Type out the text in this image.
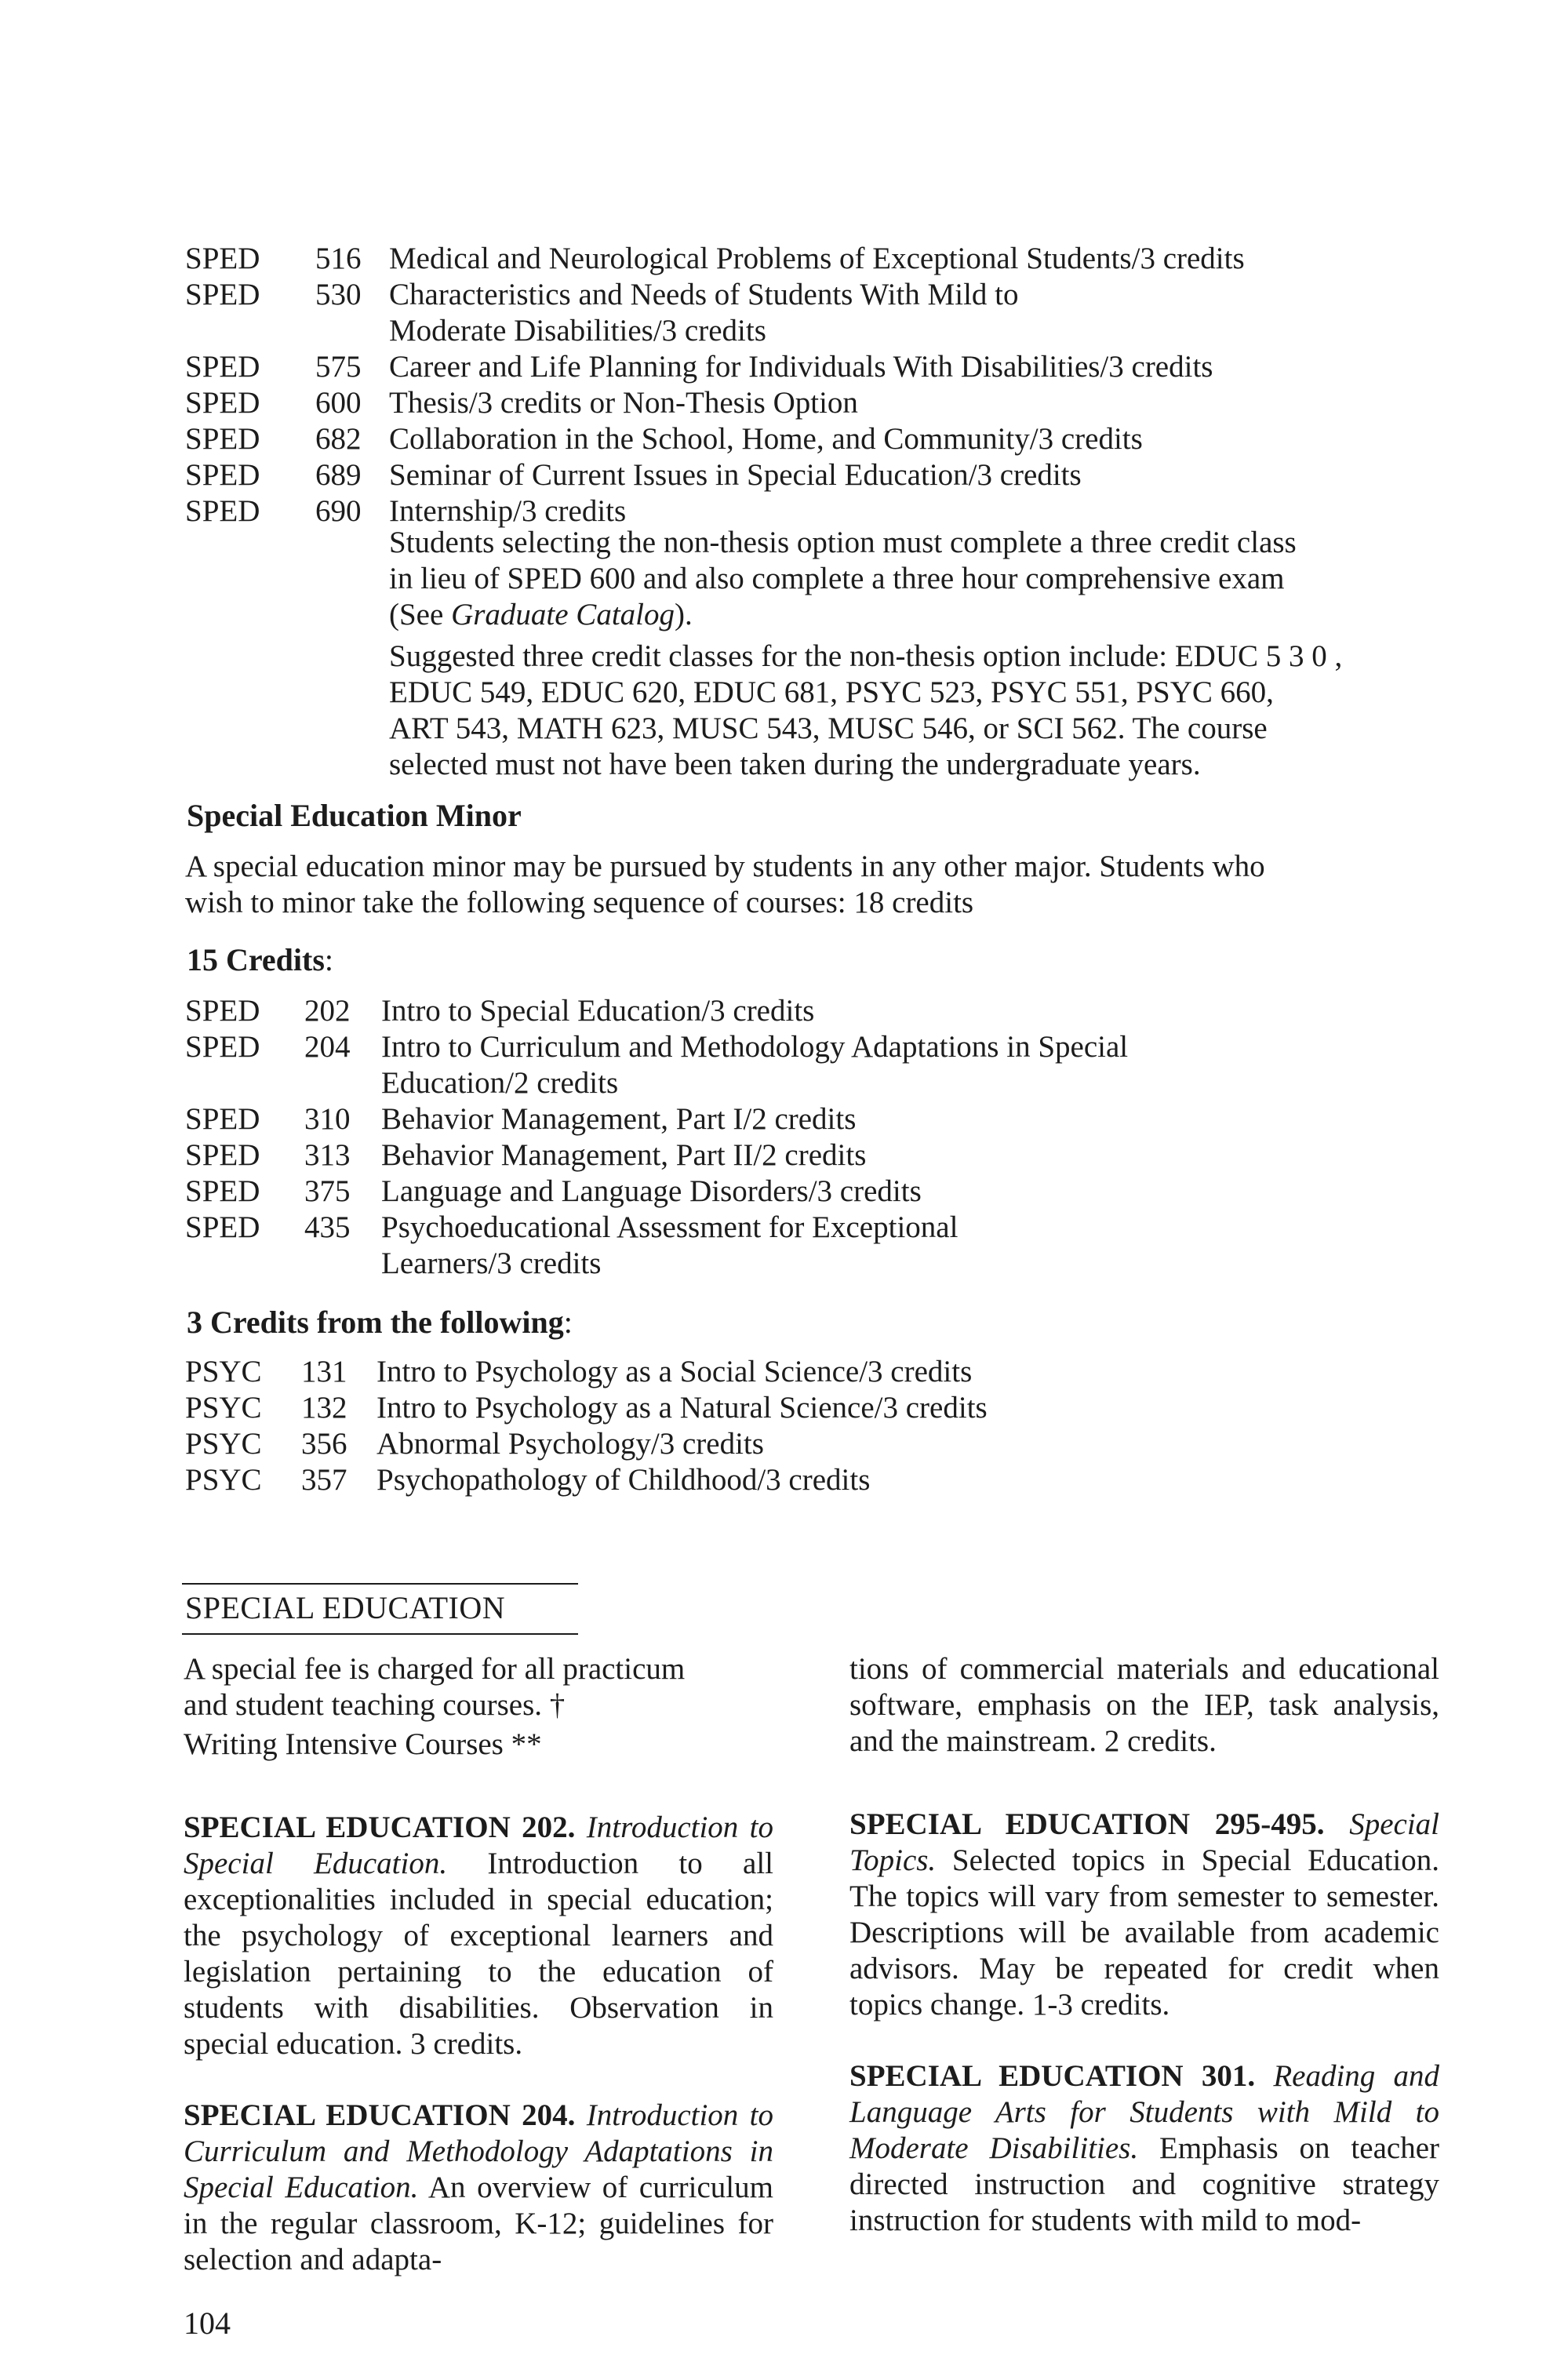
SPED 516 Medical and Neurological Problems of Exceptional Students/3 credits
SPED 530 Characteristics and Needs of Students With Mild to
Moderate Disabilities/3 credits
SPED 575 Career and Life Planning for Individuals With Disabilities/3 credits
SPED 600 Thesis/3 credits or Non-Thesis Option
SPED 682 Collaboration in the School, Home, and Community/3 credits
SPED 689 Seminar of Current Issues in Special Education/3 credits
SPED 690 Internship/3 credits

Students selecting the non-thesis option must complete a three credit class

in lieu of SPED 600 and also complete a three hour comprehensive exam

(See Graduate Catalog).

Suggested three credit classes for the non-thesis option include: EDUC 5 3 0 ,

EDUC 549, EDUC 620, EDUC 681, PSYC 523, PSYC 551, PSYC 660,

ART 543, MATH 623, MUSC 543, MUSC 546, or SCI 562. The course

selected must not have been taken during the undergraduate years.

Special Education Minor

A special education minor may be pursued by students in any other major. Students who

wish to minor take the following sequence of courses: 18 credits

15 Credits:
SPED 202 Intro to Special Education/3 credits
SPED 204 Intro to Curriculum and Methodology Adaptations in Special
Education/2 credits
SPED 310 Behavior Management, Part I/2 credits
SPED 313 Behavior Management, Part II/2 credits
SPED 375 Language and Language Disorders/3 credits
SPED 435 Psychoeducational Assessment for Exceptional
Learners/3 credits
3 Credits from the following:
PSYC 131 Intro to Psychology as a Social Science/3 credits
PSYC 132 Intro to Psychology as a Natural Science/3 credits
PSYC 356 Abnormal Psychology/3 credits
PSYC 357 Psychopathology of Childhood/3 credits
SPECIAL EDUCATION

A special fee is charged for all practicum
and student teaching courses. †

Writing Intensive Courses **

SPECIAL EDUCATION 202. Introduction to Special Education. Introduction to all exceptionalities included in special education; the psychology of exceptional learners and legislation pertaining to the education of students with disabilities. Observation in special education. 3 credits.

SPECIAL EDUCATION 204. Introduction to Curriculum and Methodology Adaptations in Special Education. An overview of curriculum in the regular classroom, K-12; guidelines for selection and adapta-

tions of commercial materials and educational software, emphasis on the IEP, task analysis, and the mainstream. 2 credits.

SPECIAL EDUCATION 295-495. Special Topics. Selected topics in Special Education. The topics will vary from semester to semester. Descriptions will be available from academic advisors. May be repeated for credit when topics change. 1-3 credits.

SPECIAL EDUCATION 301. Reading and Language Arts for Students with Mild to Moderate Disabilities. Emphasis on teacher directed instruction and cognitive strategy instruction for students with mild to mod-

104
